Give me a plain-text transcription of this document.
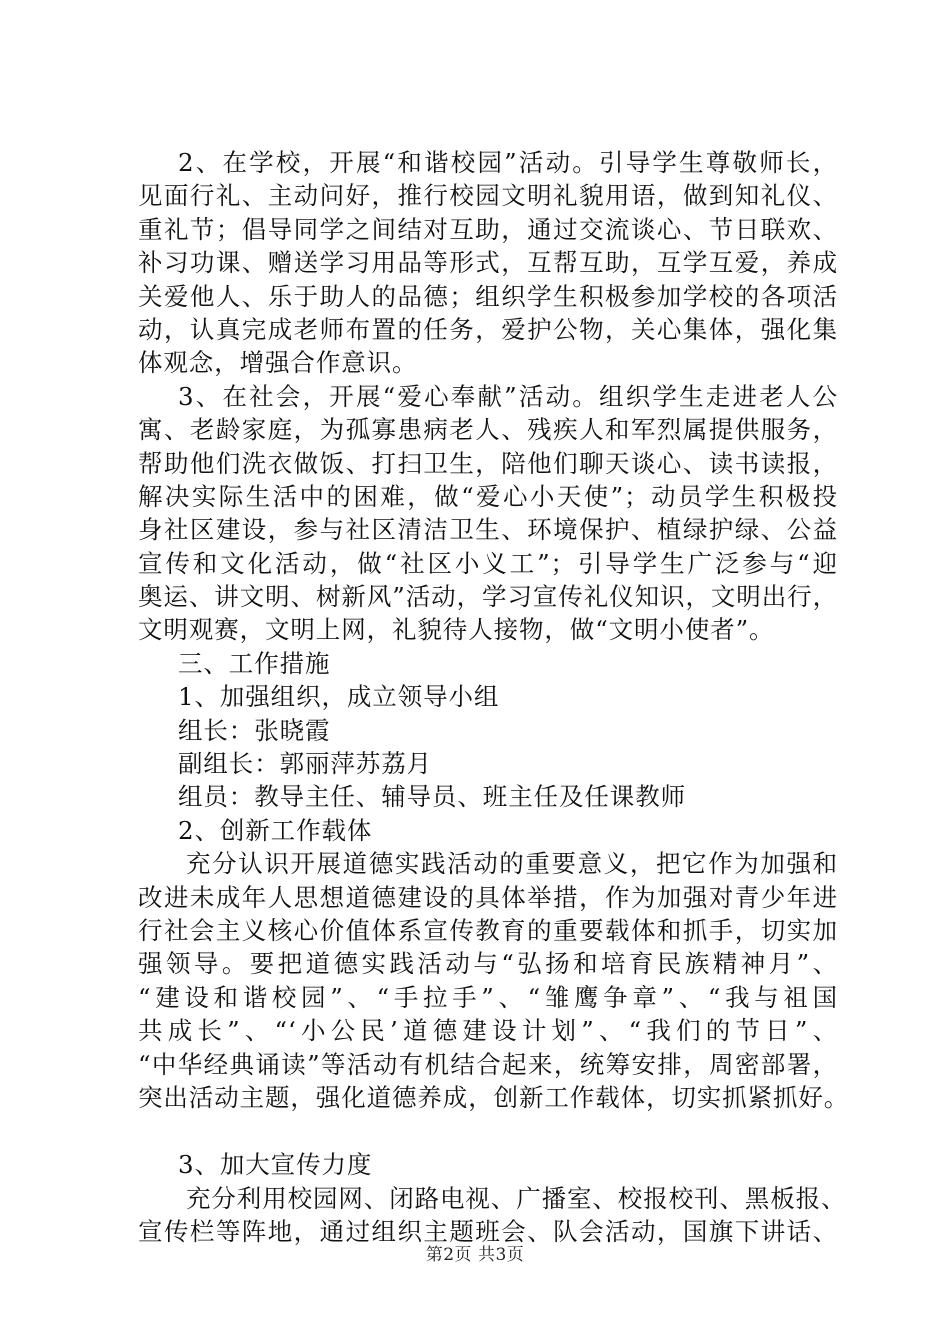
2、在学校，开展“和谐校园”活动。引导学生尊敬师长，
见面行礼、主动问好，推行校园文明礼貌用语，做到知礼仪、
重礼节；倡导同学之间结对互助，通过交流谈心、节日联欢、
补习功课、赠送学习用品等形式，互帮互助，互学互爱，养成
关爱他人、乐于助人的品德；组织学生积极参加学校的各项活
动，认真完成老师布置的任务，爱护公物，关心集体，强化集
体观念，增强合作意识。
3、在社会，开展“爱心奉献”活动。组织学生走进老人公
寓、老龄家庭，为孤寡患病老人、残疾人和军烈属提供服务，
帮助他们洗衣做饭、打扫卫生，陪他们聊天谈心、读书读报，
解决实际生活中的困难，做“爱心小天使”；动员学生积极投
身社区建设，参与社区清洁卫生、环境保护、植绿护绿、公益
宣传和文化活动，做“社区小义工”；引导学生广泛参与“迎
奥运、讲文明、树新风”活动，学习宣传礼仪知识，文明出行，
文明观赛，文明上网，礼貌待人接物，做“文明小使者”。
三、工作措施
1、加强组织，成立领导小组
组长：张晓霞
副组长：郭丽萍苏荔月
组员：教导主任、辅导员、班主任及任课教师
2、创新工作载体
充分认识开展道德实践活动的重要意义，把它作为加强和
改进未成年人思想道德建设的具体举措，作为加强对青少年进
行社会主义核心价值体系宣传教育的重要载体和抓手，切实加
强领导。要把道德实践活动与“弘扬和培育民族精神月”、
“建设和谐校园”、“手拉手”、“雏鹰争章”、“我与祖国
共成长”、“‘小公民’道德建设计划”、“我们的节日”、
“中华经典诵读”等活动有机结合起来，统筹安排，周密部署，
突出活动主题，强化道德养成，创新工作载体，切实抓紧抓好。
3、加大宣传力度
充分利用校园网、闭路电视、广播室、校报校刊、黑板报、
宣传栏等阵地，通过组织主题班会、队会活动，国旗下讲话、
第2页 共3页
